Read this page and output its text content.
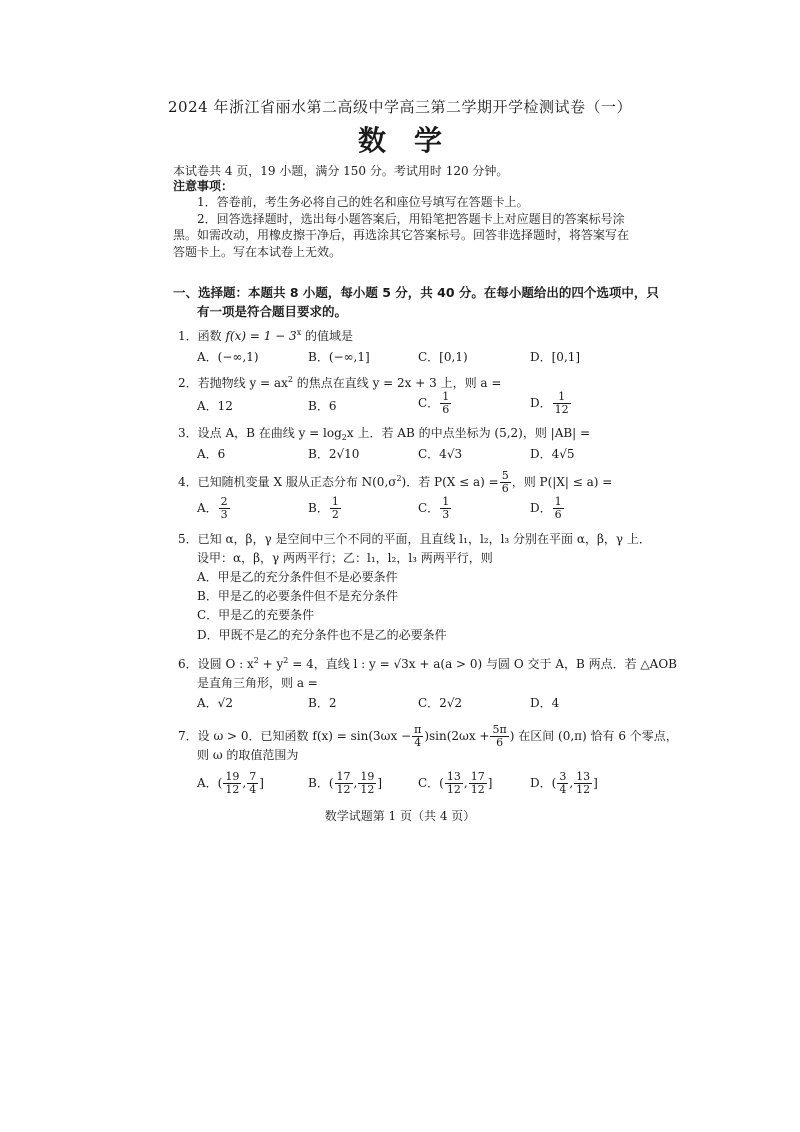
2024 年浙江省丽水第二高级中学高三第二学期开学检测试卷（一）
数学
本试卷共 4 页，19 小题，满分 150 分。考试用时 120 分钟。
注意事项：
1．答卷前，考生务必将自己的姓名和座位号填写在答题卡上。
2．回答选择题时，选出每小题答案后，用铅笔把答题卡上对应题目的答案标号涂
黑。如需改动，用橡皮擦干净后，再选涂其它答案标号。回答非选择题时，将答案写在
答题卡上。写在本试卷上无效。
一、选择题：本题共 8 小题，每小题 5 分，共 40 分。在每小题给出的四个选项中，只
有一项是符合题目要求的。
1．函数 $f(x) = 1 - 3^x$ 的值域是
A．(−∞,1)	B．(−∞,1]	C．[0,1)	D．[0,1]
2．若抛物线 $y = ax^2$ 的焦点在直线 y = 2x + 3 上，则 a =
A．12	B．6	C． $\frac{1}{6}$	D． $\frac{1}{12}$
3．设点 A，B 在曲线 $y = \log_2x$ 上．若 AB 的中点坐标为 (5,2)，则 |AB| =
A．6	B．2√10	C．4√3	D．4√5
4．已知随机变量 X 服从正态分布 $N(0,\sigma^2)$．若 $P(X \le a) = \frac{5}{6}$ ，则 P(|X| ≤ a) =
A． $\frac{2}{3}$	B． $\frac{1}{2}$	C． $\frac{1}{3}$	D． $\frac{1}{6}$
5．已知 α，β，γ 是空间中三个不同的平面，且直线 l₁，l₂，l₃ 分别在平面 α，β，γ 上．
设甲：α，β，γ 两两平行；乙：l₁，l₂，l₃ 两两平行，则
A．甲是乙的充分条件但不是必要条件
B．甲是乙的必要条件但不是充分条件
C．甲是乙的充要条件
D．甲既不是乙的充分条件也不是乙的必要条件
6．设圆 O : $x^2 + y^2 = 4$，直线 l : y = √3x + a(a > 0) 与圆 O 交于 A，B 两点．若 △AOB
是直角三角形，则 a =
A．√2	B．2	C．2√2	D．4
7．设 ω > 0．已知函数 $f(x) = \sin(3\omega x - \frac{\pi}{4} )\sin(2\omega x + \frac{5\pi}{6}$ ) 在区间 (0,π) 恰有 6 个零点，
则 ω 的取值范围为
A．( $\frac{19}{12}$ , $\frac{7}{4}$ ]	B．( $\frac{17}{12}$ , $\frac{19}{12}$ ]	C．( $\frac{13}{12}$ , $\frac{17}{12}$ ]	D．( $\frac{3}{4}$ , $\frac{13}{12}$ ]
数学试题第 1 页（共 4 页）
